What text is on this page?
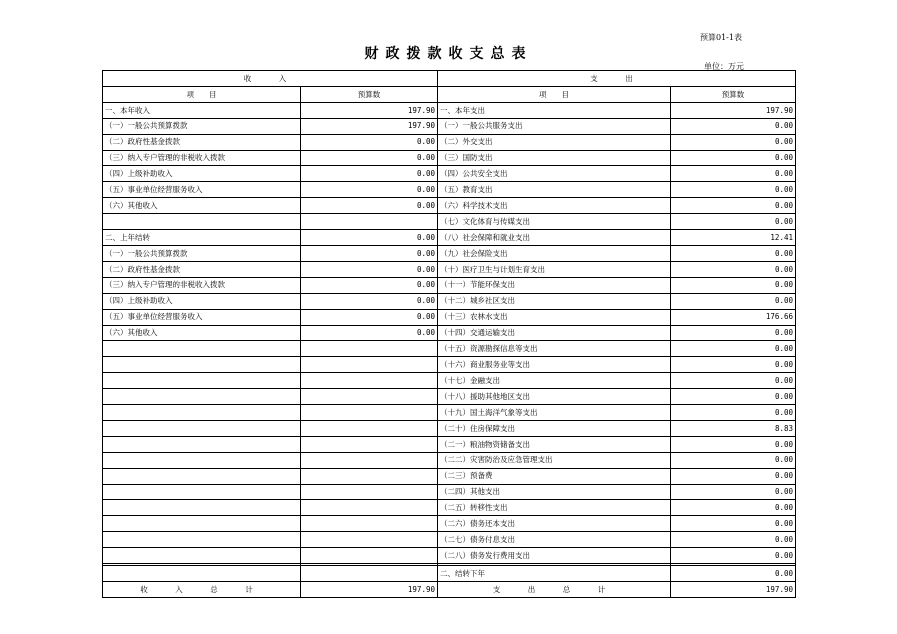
预算01-1表
财政拨款收支总表
单位：万元
收　入		支　出	
项　　目	预算数	项　　目	预算数
一、本年收入	197.90	一、本年支出	197.90
（一）一般公共预算拨款	197.90	（一）一般公共服务支出	0.00
（二）政府性基金拨款	0.00	（二）外交支出	0.00
（三）纳入专户管理的非税收入拨款	0.00	（三）国防支出	0.00
（四）上级补助收入	0.00	（四）公共安全支出	0.00
（五）事业单位经营服务收入	0.00	（五）教育支出	0.00
（六）其他收入	0.00	（六）科学技术支出	0.00
		（七）文化体育与传媒支出	0.00
二、上年结转	0.00	（八）社会保障和就业支出	12.41
（一）一般公共预算拨款	0.00	（九）社会保险支出	0.00
（二）政府性基金拨款	0.00	（十）医疗卫生与计划生育支出	0.00
（三）纳入专户管理的非税收入拨款	0.00	（十一）节能环保支出	0.00
（四）上级补助收入	0.00	（十二）城乡社区支出	0.00
（五）事业单位经营服务收入	0.00	（十三）农林水支出	176.66
（六）其他收入	0.00	（十四）交通运输支出	0.00
		（十五）资源勘探信息等支出	0.00
		（十六）商业服务业等支出	0.00
		（十七）金融支出	0.00
		（十八）援助其他地区支出	0.00
		（十九）国土海洋气象等支出	0.00
		（二十）住房保障支出	8.83
		（二一）粮油物资储备支出	0.00
		（二二）灾害防治及应急管理支出	0.00
		（二三）预备费	0.00
		（二四）其他支出	0.00
		（二五）转移性支出	0.00
		（二六）债务还本支出	0.00
		（二七）债务付息支出	0.00
		（二八）债务发行费用支出	0.00

		二、结转下年	0.00
收　入　总　计	197.90	支　出　总　计	197.90
